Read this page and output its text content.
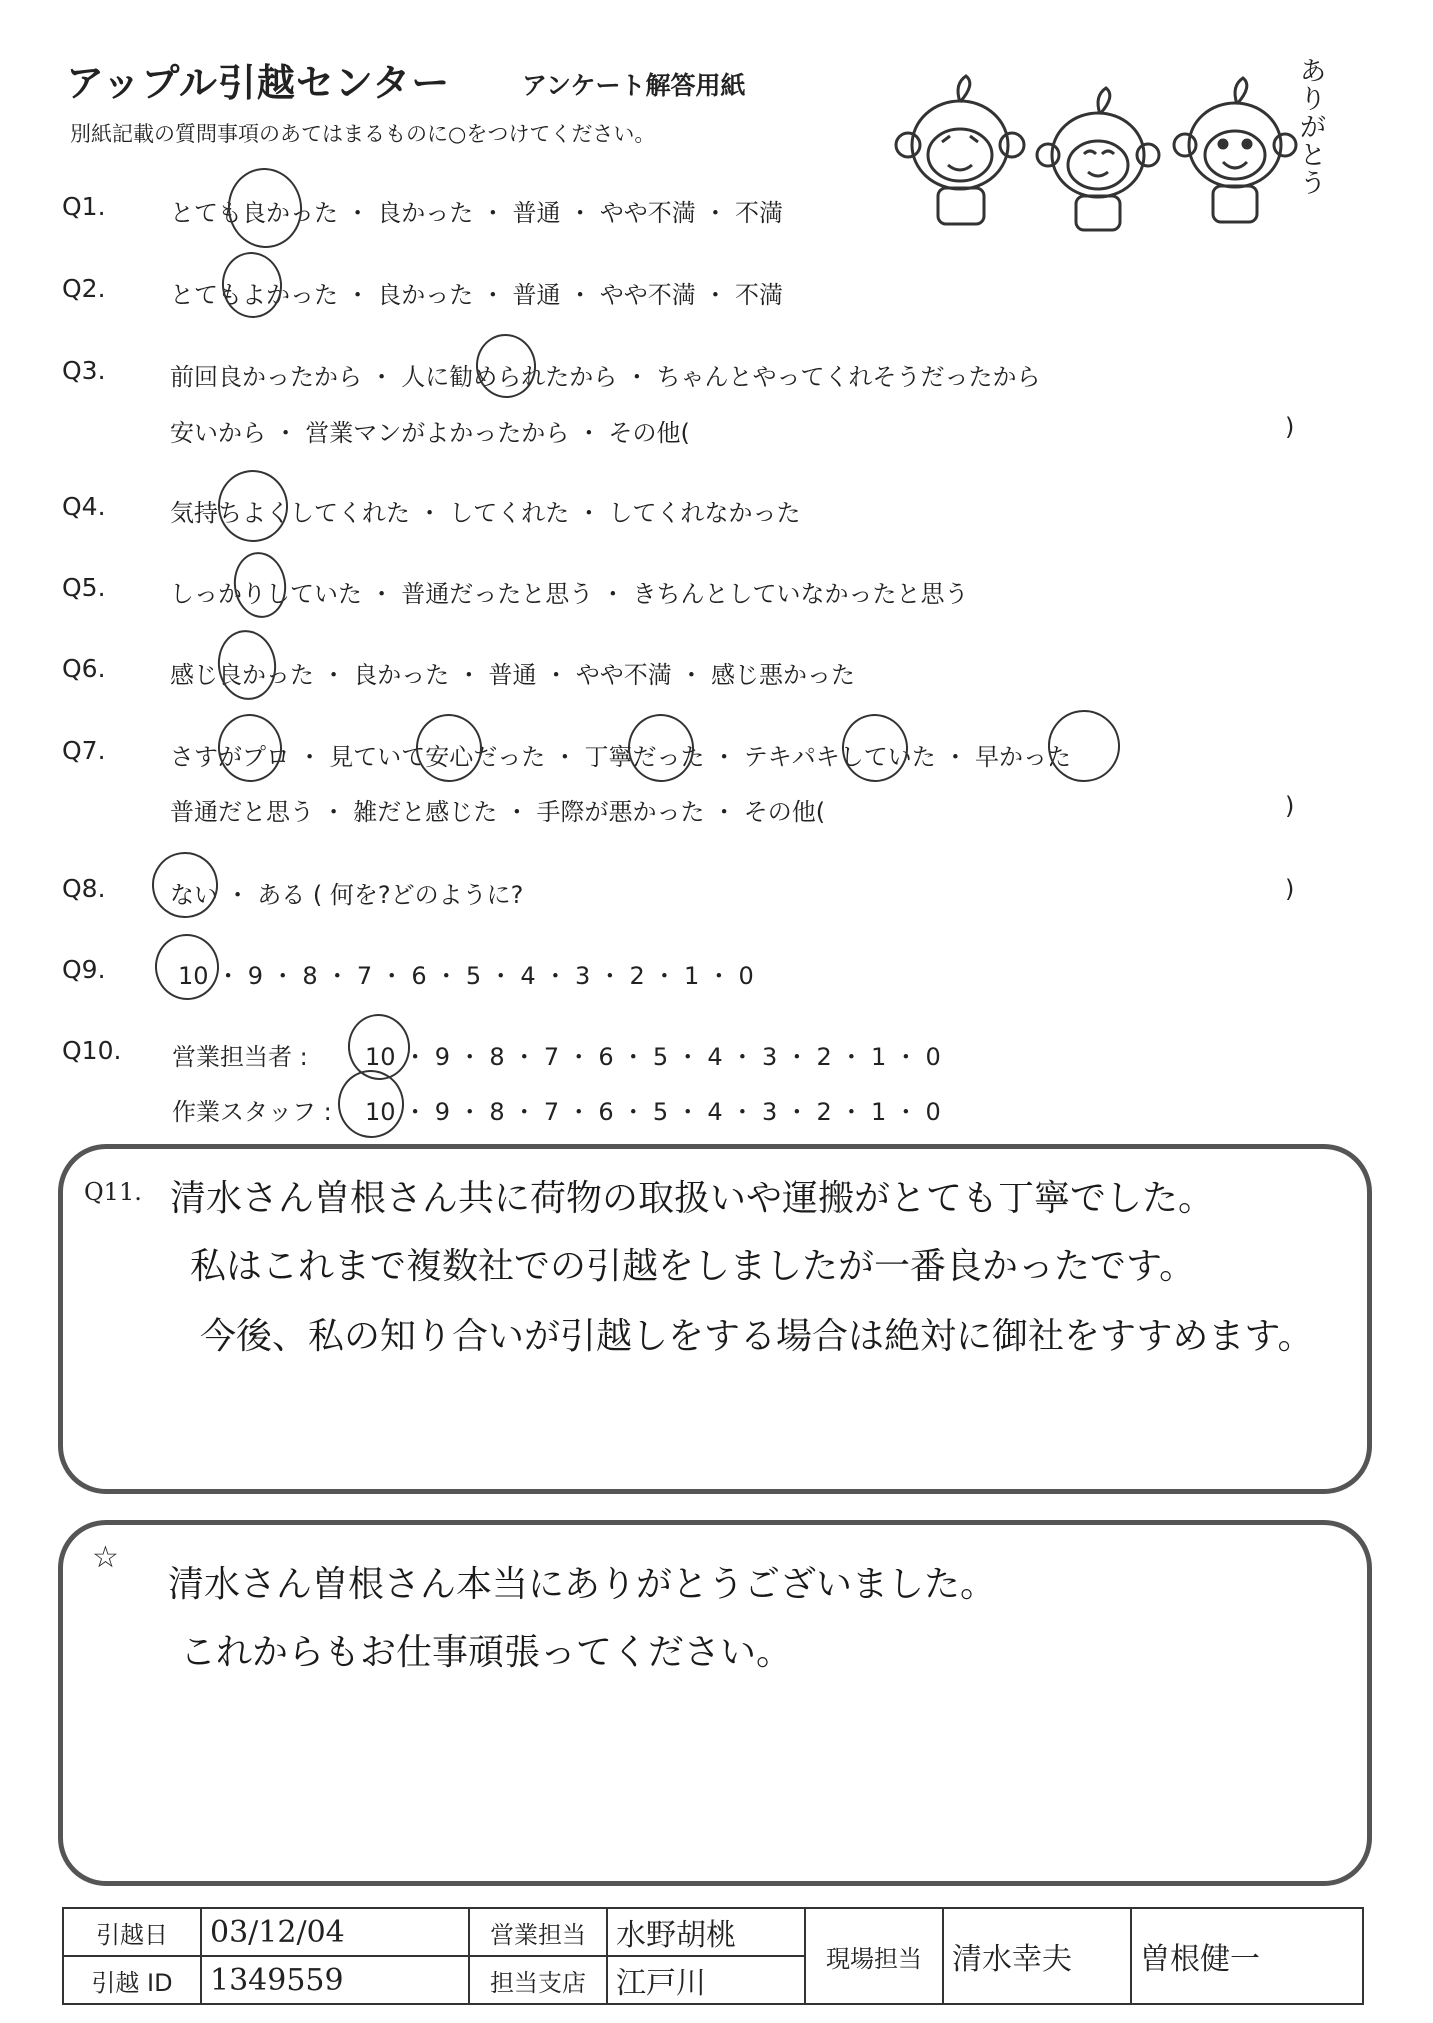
アップル引越センター	アンケート解答用紙
別紙記載の質問事項のあてはまるものに○をつけてください。
ありがとう
Q1.	とても良かった ・ 良かった ・ 普通 ・ やや不満 ・ 不満
Q2.	とてもよかった ・ 良かった ・ 普通 ・ やや不満 ・ 不満
Q3.	前回良かったから ・ 人に勧められたから ・ ちゃんとやってくれそうだったから
安いから ・ 営業マンがよかったから ・ その他(	)
Q4.	気持ちよくしてくれた ・ してくれた ・ してくれなかった
Q5.	しっかりしていた ・ 普通だったと思う ・ きちんとしていなかったと思う
Q6.	感じ良かった ・ 良かった ・ 普通 ・ やや不満 ・ 感じ悪かった
Q7.	さすがプロ ・ 見ていて安心だった ・ 丁寧だった ・ テキパキしていた ・ 早かった
普通だと思う ・ 雑だと感じた ・ 手際が悪かった ・ その他(	)
Q8.	ない ・ ある ( 何を?どのように?	)
Q9.	10 ・ 9 ・ 8 ・ 7 ・ 6 ・ 5 ・ 4 ・ 3 ・ 2 ・ 1 ・ 0
Q10. 営業担当者 : 10 ・ 9 ・ 8 ・ 7 ・ 6 ・ 5 ・ 4 ・ 3 ・ 2 ・ 1 ・ 0
作業スタッフ : 10 ・ 9 ・ 8 ・ 7 ・ 6 ・ 5 ・ 4 ・ 3 ・ 2 ・ 1 ・ 0
Q11. 清水さん曽根さん共に荷物の取扱いや運搬がとても丁寧でした。
私はこれまで複数社での引越をしましたが一番良かったです。
今後、私の知り合いが引越しをする場合は絶対に御社をすすめます。
☆
清水さん曽根さん本当にありがとうございました。
これからもお仕事頑張ってください。
引越日	03/12/04	営業担当	水野胡桃	現場担当	清水幸夫	曽根健一
引越 ID	1349559	担当支店	江戸川			
